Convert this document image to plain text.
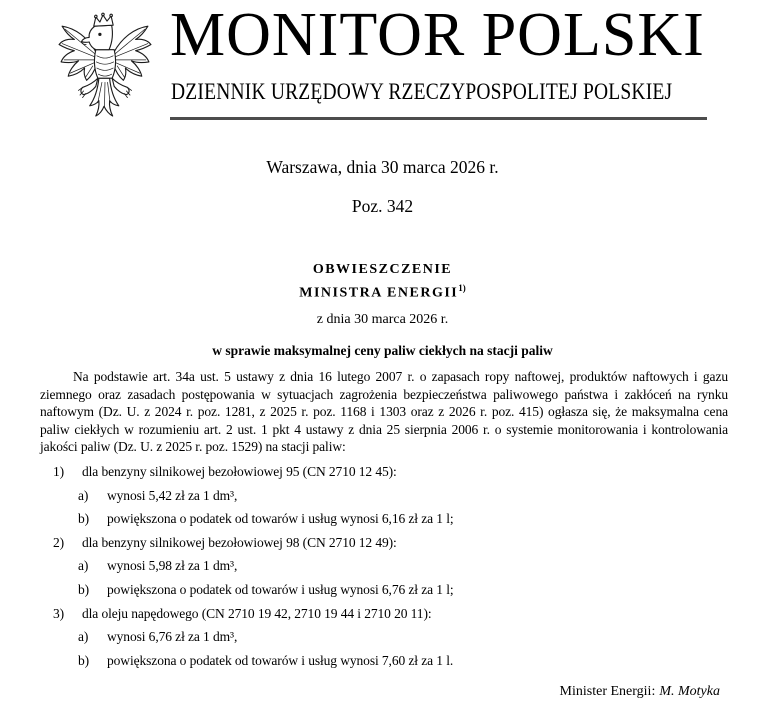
MONITOR POLSKI
DZIENNIK URZĘDOWY RZECZYPOSPOLITEJ POLSKIEJ
Warszawa, dnia 30 marca 2026 r.
Poz. 342
OBWIESZCZENIE
MINISTRA ENERGII$^{1)}$
z dnia 30 marca 2026 r.
w sprawie maksymalnej ceny paliw ciekłych na stacji paliw
Na podstawie art. 34a ust. 5 ustawy z dnia 16 lutego 2007 r. o zapasach ropy naftowej, produktów naftowych i gazu
ziemnego oraz zasadach postępowania w sytuacjach zagrożenia bezpieczeństwa paliwowego państwa i zakłóceń na rynku
naftowym (Dz. U. z 2024 r. poz. 1281, z 2025 r. poz. 1168 i 1303 oraz z 2026 r. poz. 415) ogłasza się, że maksymalna cena
paliw ciekłych w rozumieniu art. 2 ust. 1 pkt 4 ustawy z dnia 25 sierpnia 2006 r. o systemie monitorowania i kontrolowania
jakości paliw (Dz. U. z 2025 r. poz. 1529) na stacji paliw:
1) dla benzyny silnikowej bezołowiowej 95 (CN 2710 12 45):
a) wynosi 5,42 zł za 1 dm³,
b) powiększona o podatek od towarów i usług wynosi 6,16 zł za 1 l;
2) dla benzyny silnikowej bezołowiowej 98 (CN 2710 12 49):
a) wynosi 5,98 zł za 1 dm³,
b) powiększona o podatek od towarów i usług wynosi 6,76 zł za 1 l;
3) dla oleju napędowego (CN 2710 19 42, 2710 19 44 i 2710 20 11):
a) wynosi 6,76 zł za 1 dm³,
b) powiększona o podatek od towarów i usług wynosi 7,60 zł za 1 l.
Minister Energii: M. Motyka
